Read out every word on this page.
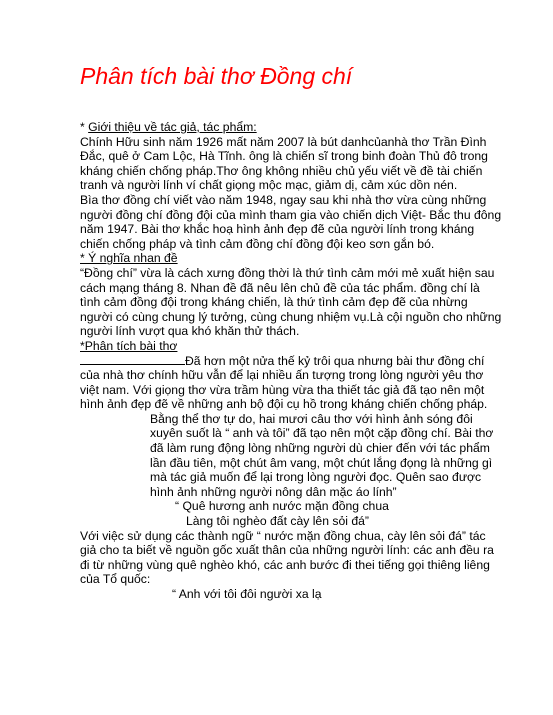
Phân tích bài thơ Đồng chí

* Giới thiệu về tác giả, tác phẩm:

Chính Hữu sinh năm 1926 mất năm 2007 là bút danhcủanhà thơ Trần Đình Đắc, quê ở Cam Lộc, Hà Tĩnh. ông là chiến sĩ trong binh đoàn Thủ đô trong kháng chiến chống pháp.Thơ ông không nhiều chủ yếu viết về đề tài chiến tranh và người lính ví chất giọng mộc mạc, giảm dị, cảm xúc dồn nén.

Bìa thơ đồng chí viết vào năm 1948, ngay sau khi nhà thơ vừa cùng những người đồng chí đồng đội của mình tham gia vào chiến dịch Việt- Bắc thu đông năm 1947. Bài thơ khắc hoạ hình ảnh đẹp đẽ của người lính trong kháng chiến chống pháp và tình cảm đồng chí đồng đội keo sơn gắn bó.

* Ý nghĩa nhan đề

“Đồng chí” vừa là cách xưng đồng thời là thứ tình cảm mới mẻ xuất hiện sau cách mạng tháng 8. Nhan đề đã nêu lên chủ đề của tác phẩm. đồng chí là tình cảm đồng đội trong kháng chiến, là thứ tình cảm đẹp đẽ của nhừng người có cùng chung lý tưởng, cùng chung nhiệm vụ.Là cội nguồn cho những người lính vượt qua khó khăn thử thách.

*Phân tích bài thơ

Đã hơn một nửa thế kỷ trôi qua nhưng bài thư đồng chí của nhà thơ chính hữu vẫn để lại nhiều ấn tượng trong lòng người yêu thơ việt nam. Với giọng thơ vừa trầm hùng vừa tha thiết tác giả đã tạo nên một hình ảnh đẹp đẽ về những anh bộ đội cụ hồ trong kháng chiến chống pháp.

Bằng thể thơ tự do, hai mươi câu thơ với hình ảnh sóng đôi xuyên suốt là “ anh và tôi” đã tạo nên một cặp đồng chí. Bài thơ đã làm rung động lòng những người dù chier đến với tác phẩm lần đầu tiên, một chút âm vang, một chút lắng đọng là những gì mà tác giả muốn để lại trong lòng người đọc. Quên sao được hình ảnh những người nông dân mặc áo lính”

“ Quê hương anh nước mặn đồng chua

Làng tôi nghèo đất cày lên sỏi đá”

Với việc sử dụng các thành ngữ “ nước mặn đồng chua, cày lên sỏi đá” tác giả cho ta biết về nguồn gốc xuất thân của những người lính: các anh đều ra đi từ những vùng quê nghèo khó, các anh bước đi thei tiếng gọi thiêng liêng của Tổ quốc:

“ Anh với tôi đôi người xa lạ
